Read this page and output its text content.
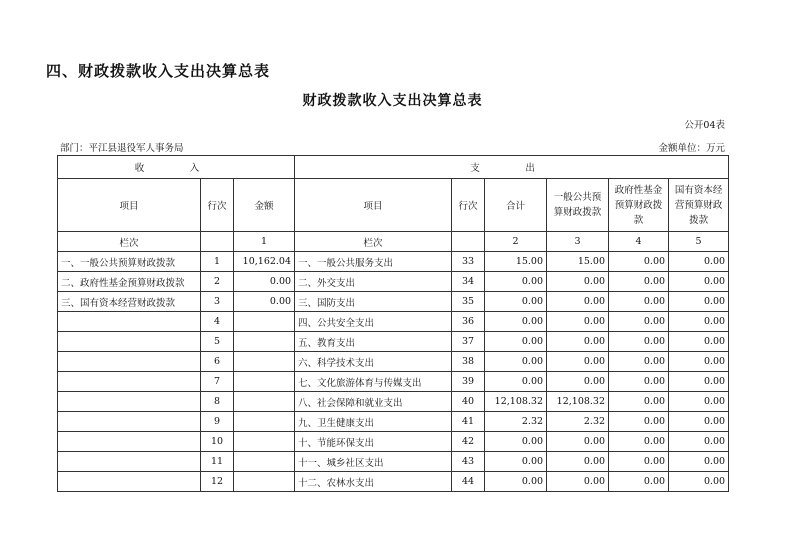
四、财政拨款收入支出决算总表
财政拨款收入支出决算总表
公开04表
部门：平江县退役军人事务局	金额单位：万元
收　入			支　出					
项目	行次	金额	项目	行次	合计	一般公共预算财政拨款	政府性基金预算财政拨款	国有资本经营预算财政拨款
栏次		1	栏次		2	3	4	5
一、一般公共预算财政拨款	1	10,162.04	一、一般公共服务支出	33	15.00	15.00	0.00	0.00
二、政府性基金预算财政拨款	2	0.00	二、外交支出	34	0.00	0.00	0.00	0.00
三、国有资本经营财政拨款	3	0.00	三、国防支出	35	0.00	0.00	0.00	0.00
	4		四、公共安全支出	36	0.00	0.00	0.00	0.00
	5		五、教育支出	37	0.00	0.00	0.00	0.00
	6		六、科学技术支出	38	0.00	0.00	0.00	0.00
	7		七、文化旅游体育与传媒支出	39	0.00	0.00	0.00	0.00
	8		八、社会保障和就业支出	40	12,108.32	12,108.32	0.00	0.00
	9		九、卫生健康支出	41	2.32	2.32	0.00	0.00
	10		十、节能环保支出	42	0.00	0.00	0.00	0.00
	11		十一、城乡社区支出	43	0.00	0.00	0.00	0.00
	12		十二、农林水支出	44	0.00	0.00	0.00	0.00
